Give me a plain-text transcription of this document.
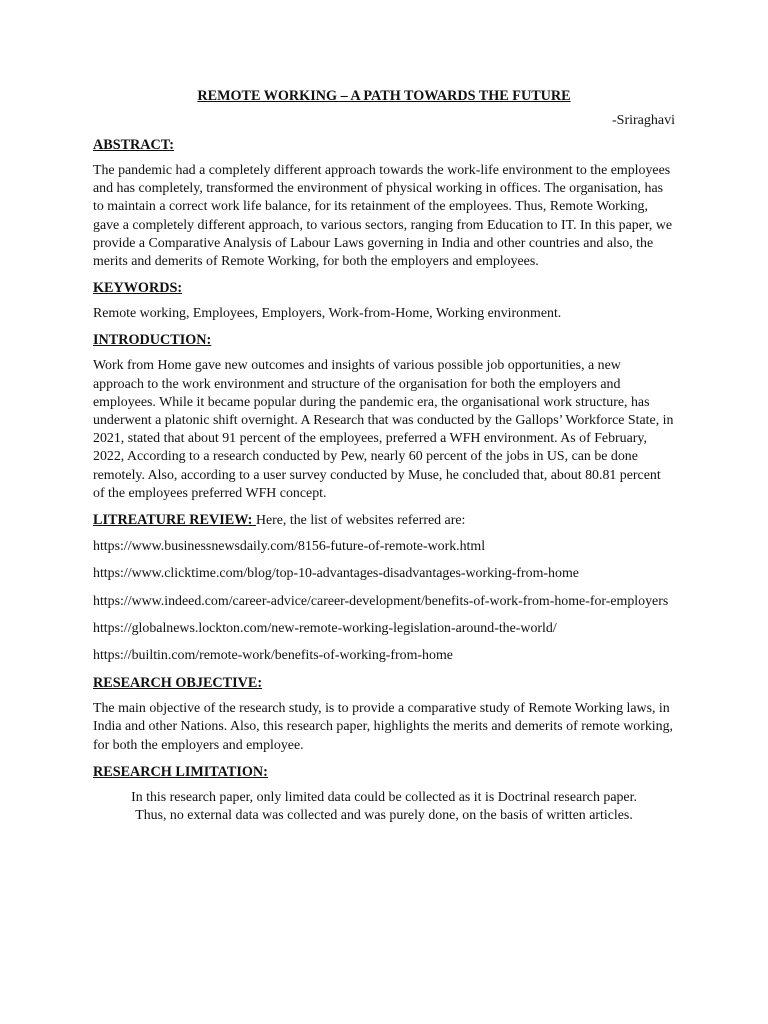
REMOTE WORKING – A PATH TOWARDS THE FUTURE
-Sriraghavi
ABSTRACT:
The pandemic had a completely different approach towards the work-life environment to the employees and has completely, transformed the environment of physical working in offices. The organisation, has to maintain a correct work life balance, for its retainment of the employees. Thus, Remote Working, gave a completely different approach, to various sectors, ranging from Education to IT. In this paper, we provide a Comparative Analysis of Labour Laws governing in India and other countries and also, the merits and demerits of Remote Working, for both the employers and employees.
KEYWORDS:
Remote working, Employees, Employers, Work-from-Home, Working environment.
INTRODUCTION:
Work from Home gave new outcomes and insights of various possible job opportunities, a new approach to the work environment and structure of the organisation for both the employers and employees. While it became popular during the pandemic era, the organisational work structure, has underwent a platonic shift overnight. A Research that was conducted by the Gallops’ Workforce State, in 2021, stated that about 91 percent of the employees, preferred a WFH environment. As of February, 2022, According to a research conducted by Pew, nearly 60 percent of the jobs in US, can be done remotely. Also, according to a user survey conducted by Muse, he concluded that, about 80.81 percent of the employees preferred WFH concept.
LITREATURE REVIEW: Here, the list of websites referred are:
https://www.businessnewsdaily.com/8156-future-of-remote-work.html
https://www.clicktime.com/blog/top-10-advantages-disadvantages-working-from-home
https://www.indeed.com/career-advice/career-development/benefits-of-work-from-home-for-employers
https://globalnews.lockton.com/new-remote-working-legislation-around-the-world/
https://builtin.com/remote-work/benefits-of-working-from-home
RESEARCH OBJECTIVE:
The main objective of the research study, is to provide a comparative study of Remote Working laws, in India and other Nations. Also, this research paper, highlights the merits and demerits of remote working, for both the employers and employee.
RESEARCH LIMITATION:
In this research paper, only limited data could be collected as it is Doctrinal research paper.
Thus, no external data was collected and was purely done, on the basis of written articles.
